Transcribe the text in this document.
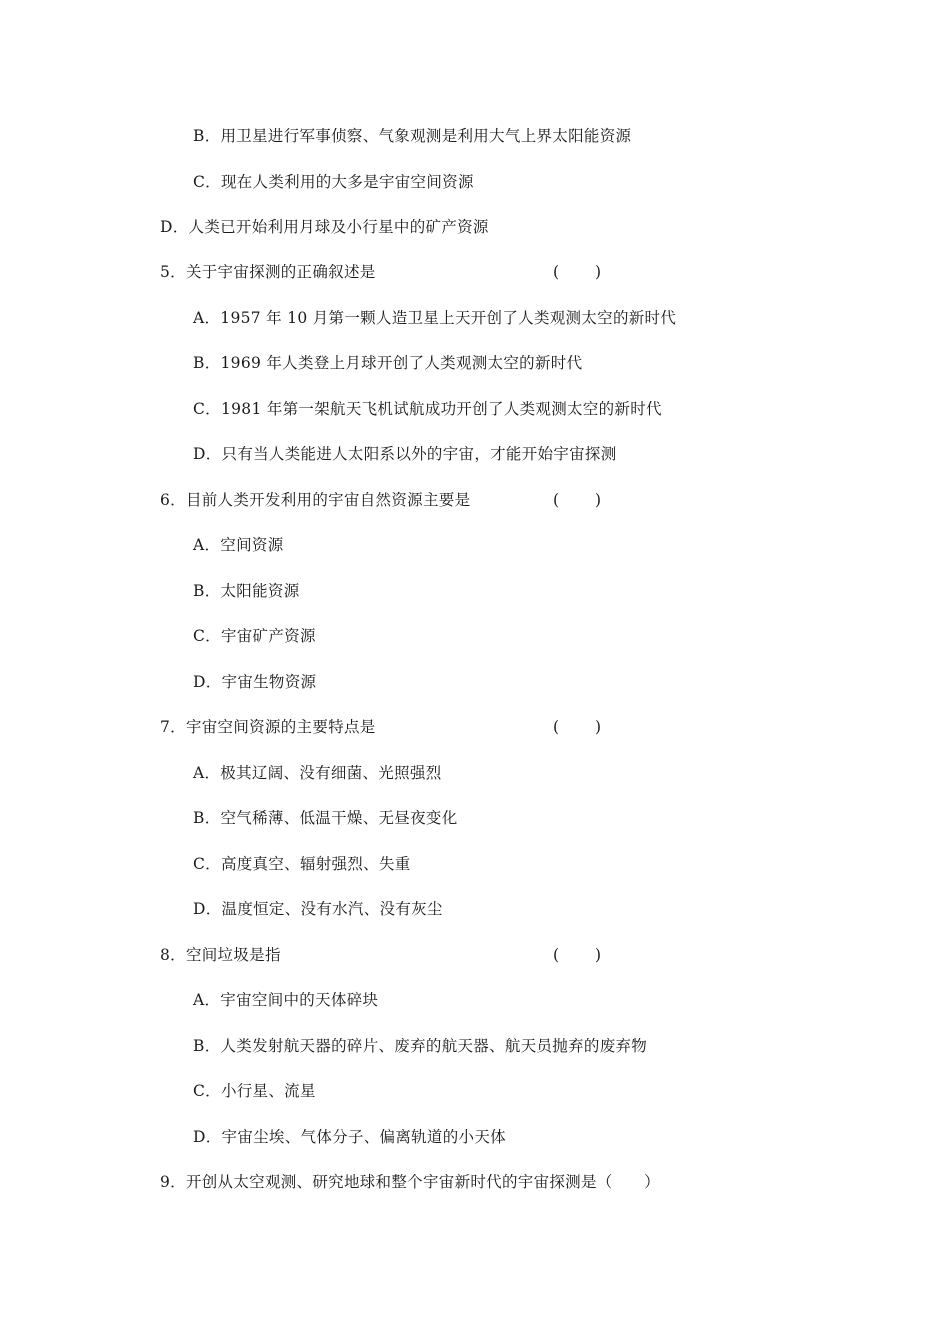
B．用卫星进行军事侦察、气象观测是利用大气上界太阳能资源
C．现在人类利用的大多是宇宙空间资源
D．人类已开始利用月球及小行星中的矿产资源
5．关于宇宙探测的正确叙述是	(　　 )
A．1957 年 10 月第一颗人造卫星上天开创了人类观测太空的新时代
B．1969 年人类登上月球开创了人类观测太空的新时代
C．1981 年第一架航天飞机试航成功开创了人类观测太空的新时代
D．只有当人类能进人太阳系以外的宇宙，才能开始宇宙探测
6．目前人类开发利用的宇宙自然资源主要是	(　　 )
A．空间资源
B．太阳能资源
C．宇宙矿产资源
D．宇宙生物资源
7．宇宙空间资源的主要特点是	(　　 )
A．极其辽阔、没有细菌、光照强烈
B．空气稀薄、低温干燥、无昼夜变化
C．高度真空、辐射强烈、失重
D．温度恒定、没有水汽、没有灰尘
8．空间垃圾是指	(　　 )
A．宇宙空间中的天体碎块
B．人类发射航天器的碎片、废弃的航天器、航天员抛弃的废弃物
C．小行星、流星
D．宇宙尘埃、气体分子、偏离轨道的小天体
9．开创从太空观测、研究地球和整个宇宙新时代的宇宙探测是（　　）
